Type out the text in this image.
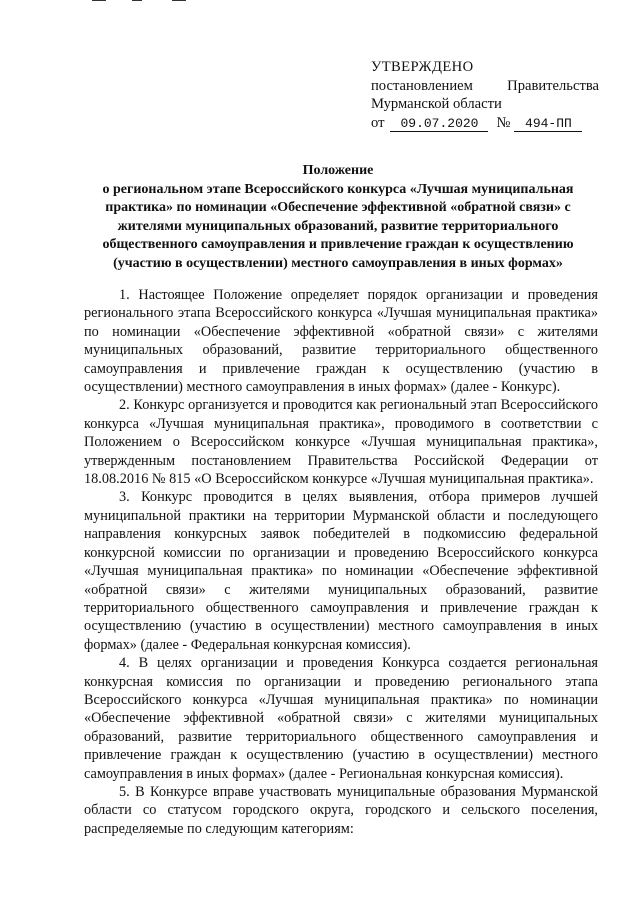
УТВЕРЖДЕНО
постановлением Правительства
Мурманской области
от	09.07.2020	№	494-ПП
Положение
о региональном этапе Всероссийского конкурса «Лучшая муниципальная практика» по номинации «Обеспечение эффективной «обратной связи» с жителями муниципальных образований, развитие территориального общественного самоуправления и привлечение граждан к осуществлению (участию в осуществлении) местного самоуправления в иных формах»

1. Настоящее Положение определяет порядок организации и проведения регионального этапа Всероссийского конкурса «Лучшая муниципальная практика» по номинации «Обеспечение эффективной «обратной связи» с жителями муниципальных образований, развитие территориального общественного самоуправления и привлечение граждан к осуществлению (участию в осуществлении) местного самоуправления в иных формах» (далее - Конкурс).

2. Конкурс организуется и проводится как региональный этап Всероссийского конкурса «Лучшая муниципальная практика», проводимого в соответствии с Положением о Всероссийском конкурсе «Лучшая муниципальная практика», утвержденным постановлением Правительства Российской Федерации от 18.08.2016 № 815 «О Всероссийском конкурсе «Лучшая муниципальная практика».

3. Конкурс проводится в целях выявления, отбора примеров лучшей муниципальной практики на территории Мурманской области и последующего направления конкурсных заявок победителей в подкомиссию федеральной конкурсной комиссии по организации и проведению Всероссийского конкурса «Лучшая муниципальная практика» по номинации «Обеспечение эффективной «обратной связи» с жителями муниципальных образований, развитие территориального общественного самоуправления и привлечение граждан к осуществлению (участию в осуществлении) местного самоуправления в иных формах» (далее - Федеральная конкурсная комиссия).

4. В целях организации и проведения Конкурса создается региональная конкурсная комиссия по организации и проведению регионального этапа Всероссийского конкурса «Лучшая муниципальная практика» по номинации «Обеспечение эффективной «обратной связи» с жителями муниципальных образований, развитие территориального общественного самоуправления и привлечение граждан к осуществлению (участию в осуществлении) местного самоуправления в иных формах» (далее - Региональная конкурсная комиссия).

5. В Конкурсе вправе участвовать муниципальные образования Мурманской области со статусом городского округа, городского и сельского поселения, распределяемые по следующим категориям:
